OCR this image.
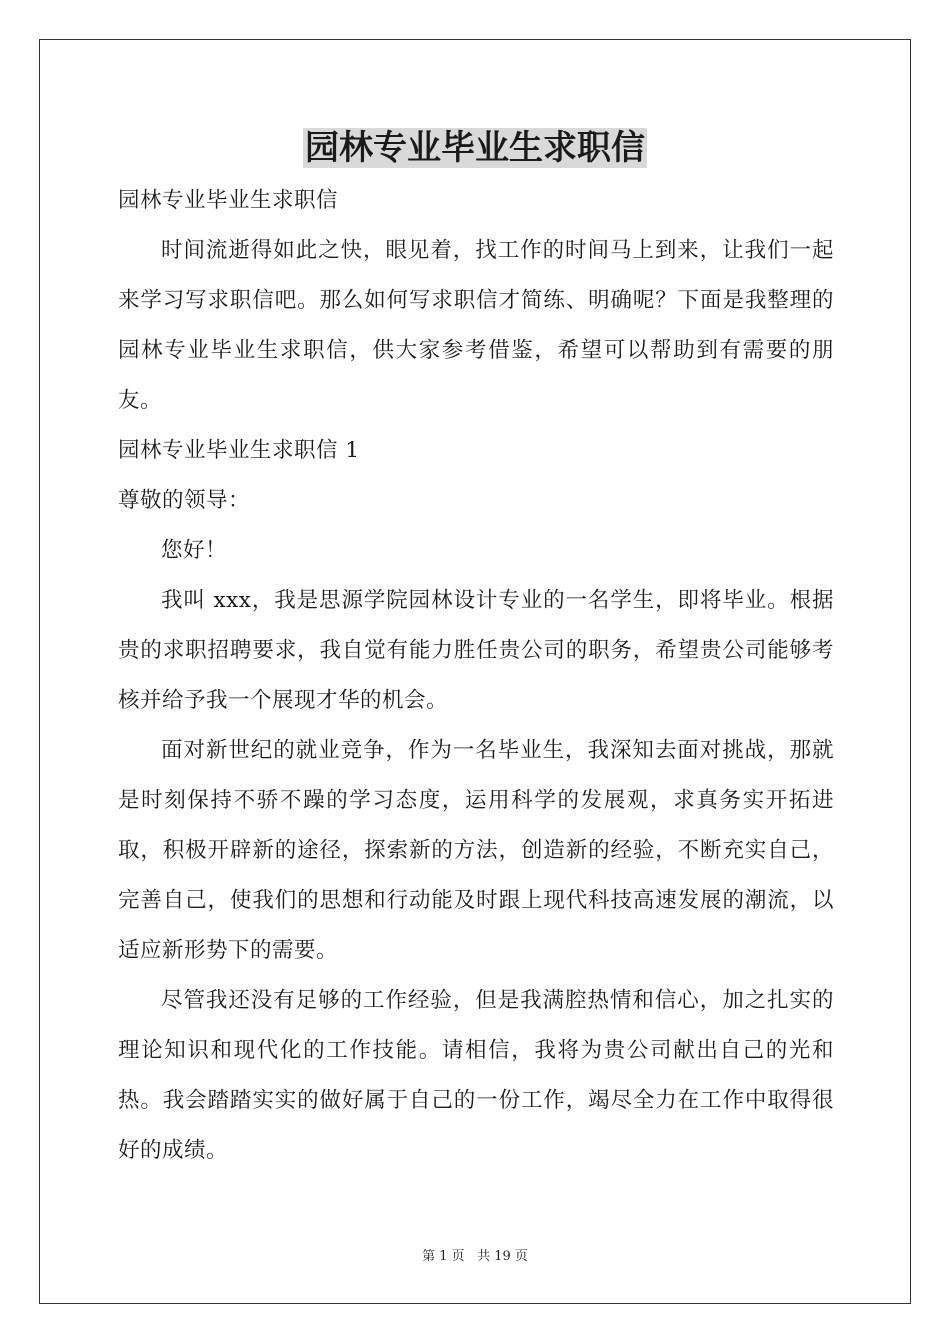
园林专业毕业生求职信

园林专业毕业生求职信

时间流逝得如此之快，眼见着，找工作的时间马上到来，让我们一起来学习写求职信吧。那么如何写求职信才简练、明确呢？下面是我整理的园林专业毕业生求职信，供大家参考借鉴，希望可以帮助到有需要的朋友。

园林专业毕业生求职信 1

尊敬的领导：

您好！

我叫 xxx，我是思源学院园林设计专业的一名学生，即将毕业。根据贵的求职招聘要求，我自觉有能力胜任贵公司的职务，希望贵公司能够考核并给予我一个展现才华的机会。

面对新世纪的就业竞争，作为一名毕业生，我深知去面对挑战，那就是时刻保持不骄不躁的学习态度，运用科学的发展观，求真务实开拓进取，积极开辟新的途径，探索新的方法，创造新的经验，不断充实自己，完善自己，使我们的思想和行动能及时跟上现代科技高速发展的潮流，以适应新形势下的需要。

尽管我还没有足够的工作经验，但是我满腔热情和信心，加之扎实的理论知识和现代化的工作技能。请相信，我将为贵公司献出自己的光和热。我会踏踏实实的做好属于自己的一份工作，竭尽全力在工作中取得很好的成绩。

第 1 页 共 19 页
